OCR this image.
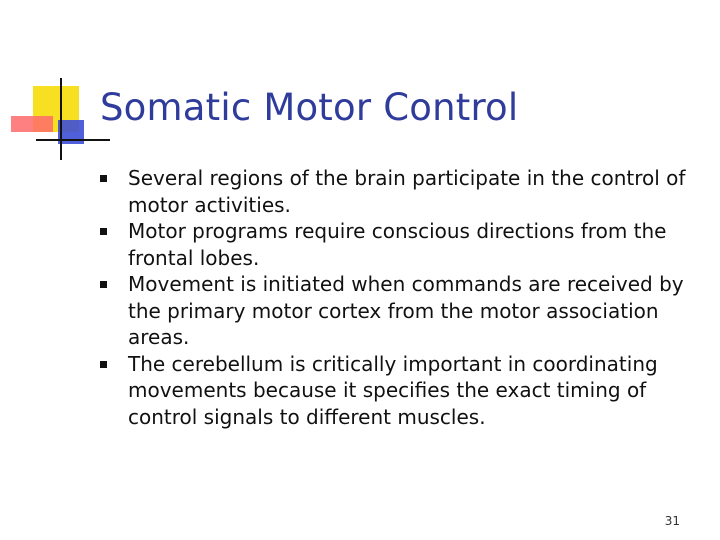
Somatic Motor Control
Several regions of the brain participate in the control of motor activities.
Motor programs require conscious directions from the frontal lobes.
Movement is initiated when commands are received by the primary motor cortex from the motor association areas.
The cerebellum is critically important in coordinating movements because it specifies the exact timing of control signals to different muscles.
31
